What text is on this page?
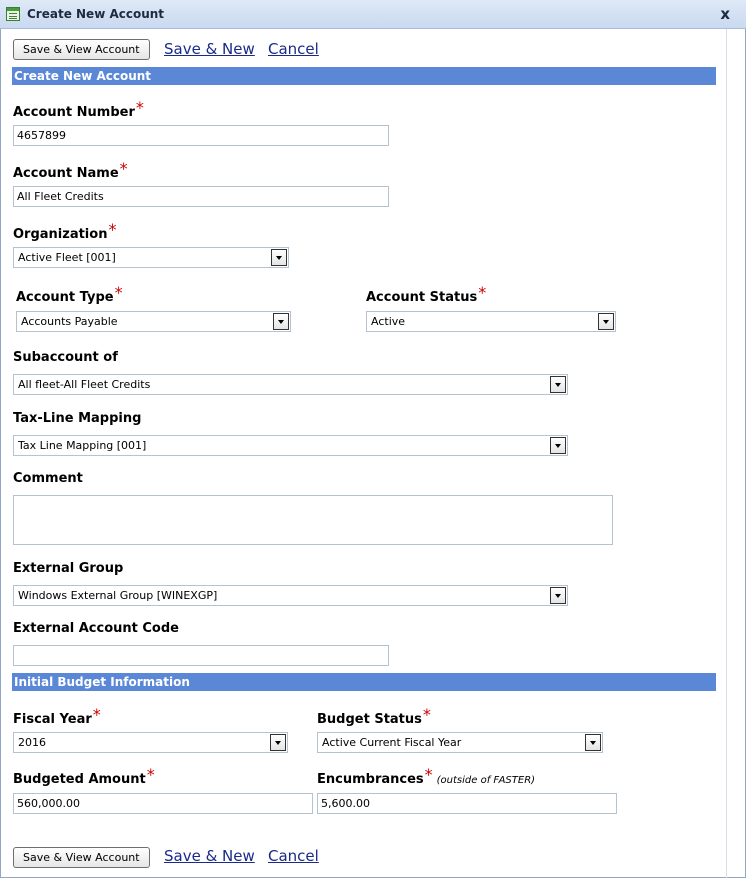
Create New Account	x
Save & View Account	Save & New Cancel
Create New Account
Account Number*
4657899
Account Name*
All Fleet Credits
Organization*
Active Fleet [001]
Account Type*
Accounts Payable
Account Status*
Active
Subaccount of
All fleet-All Fleet Credits
Tax-Line Mapping
Tax Line Mapping [001]
Comment
External Group
Windows External Group [WINEXGP]
External Account Code
Initial Budget Information
Fiscal Year*
2016
Budget Status*
Active Current Fiscal Year
Budgeted Amount*
560,000.00
Encumbrances* (outside of FASTER)
5,600.00
Save & View Account	Save & New Cancel
